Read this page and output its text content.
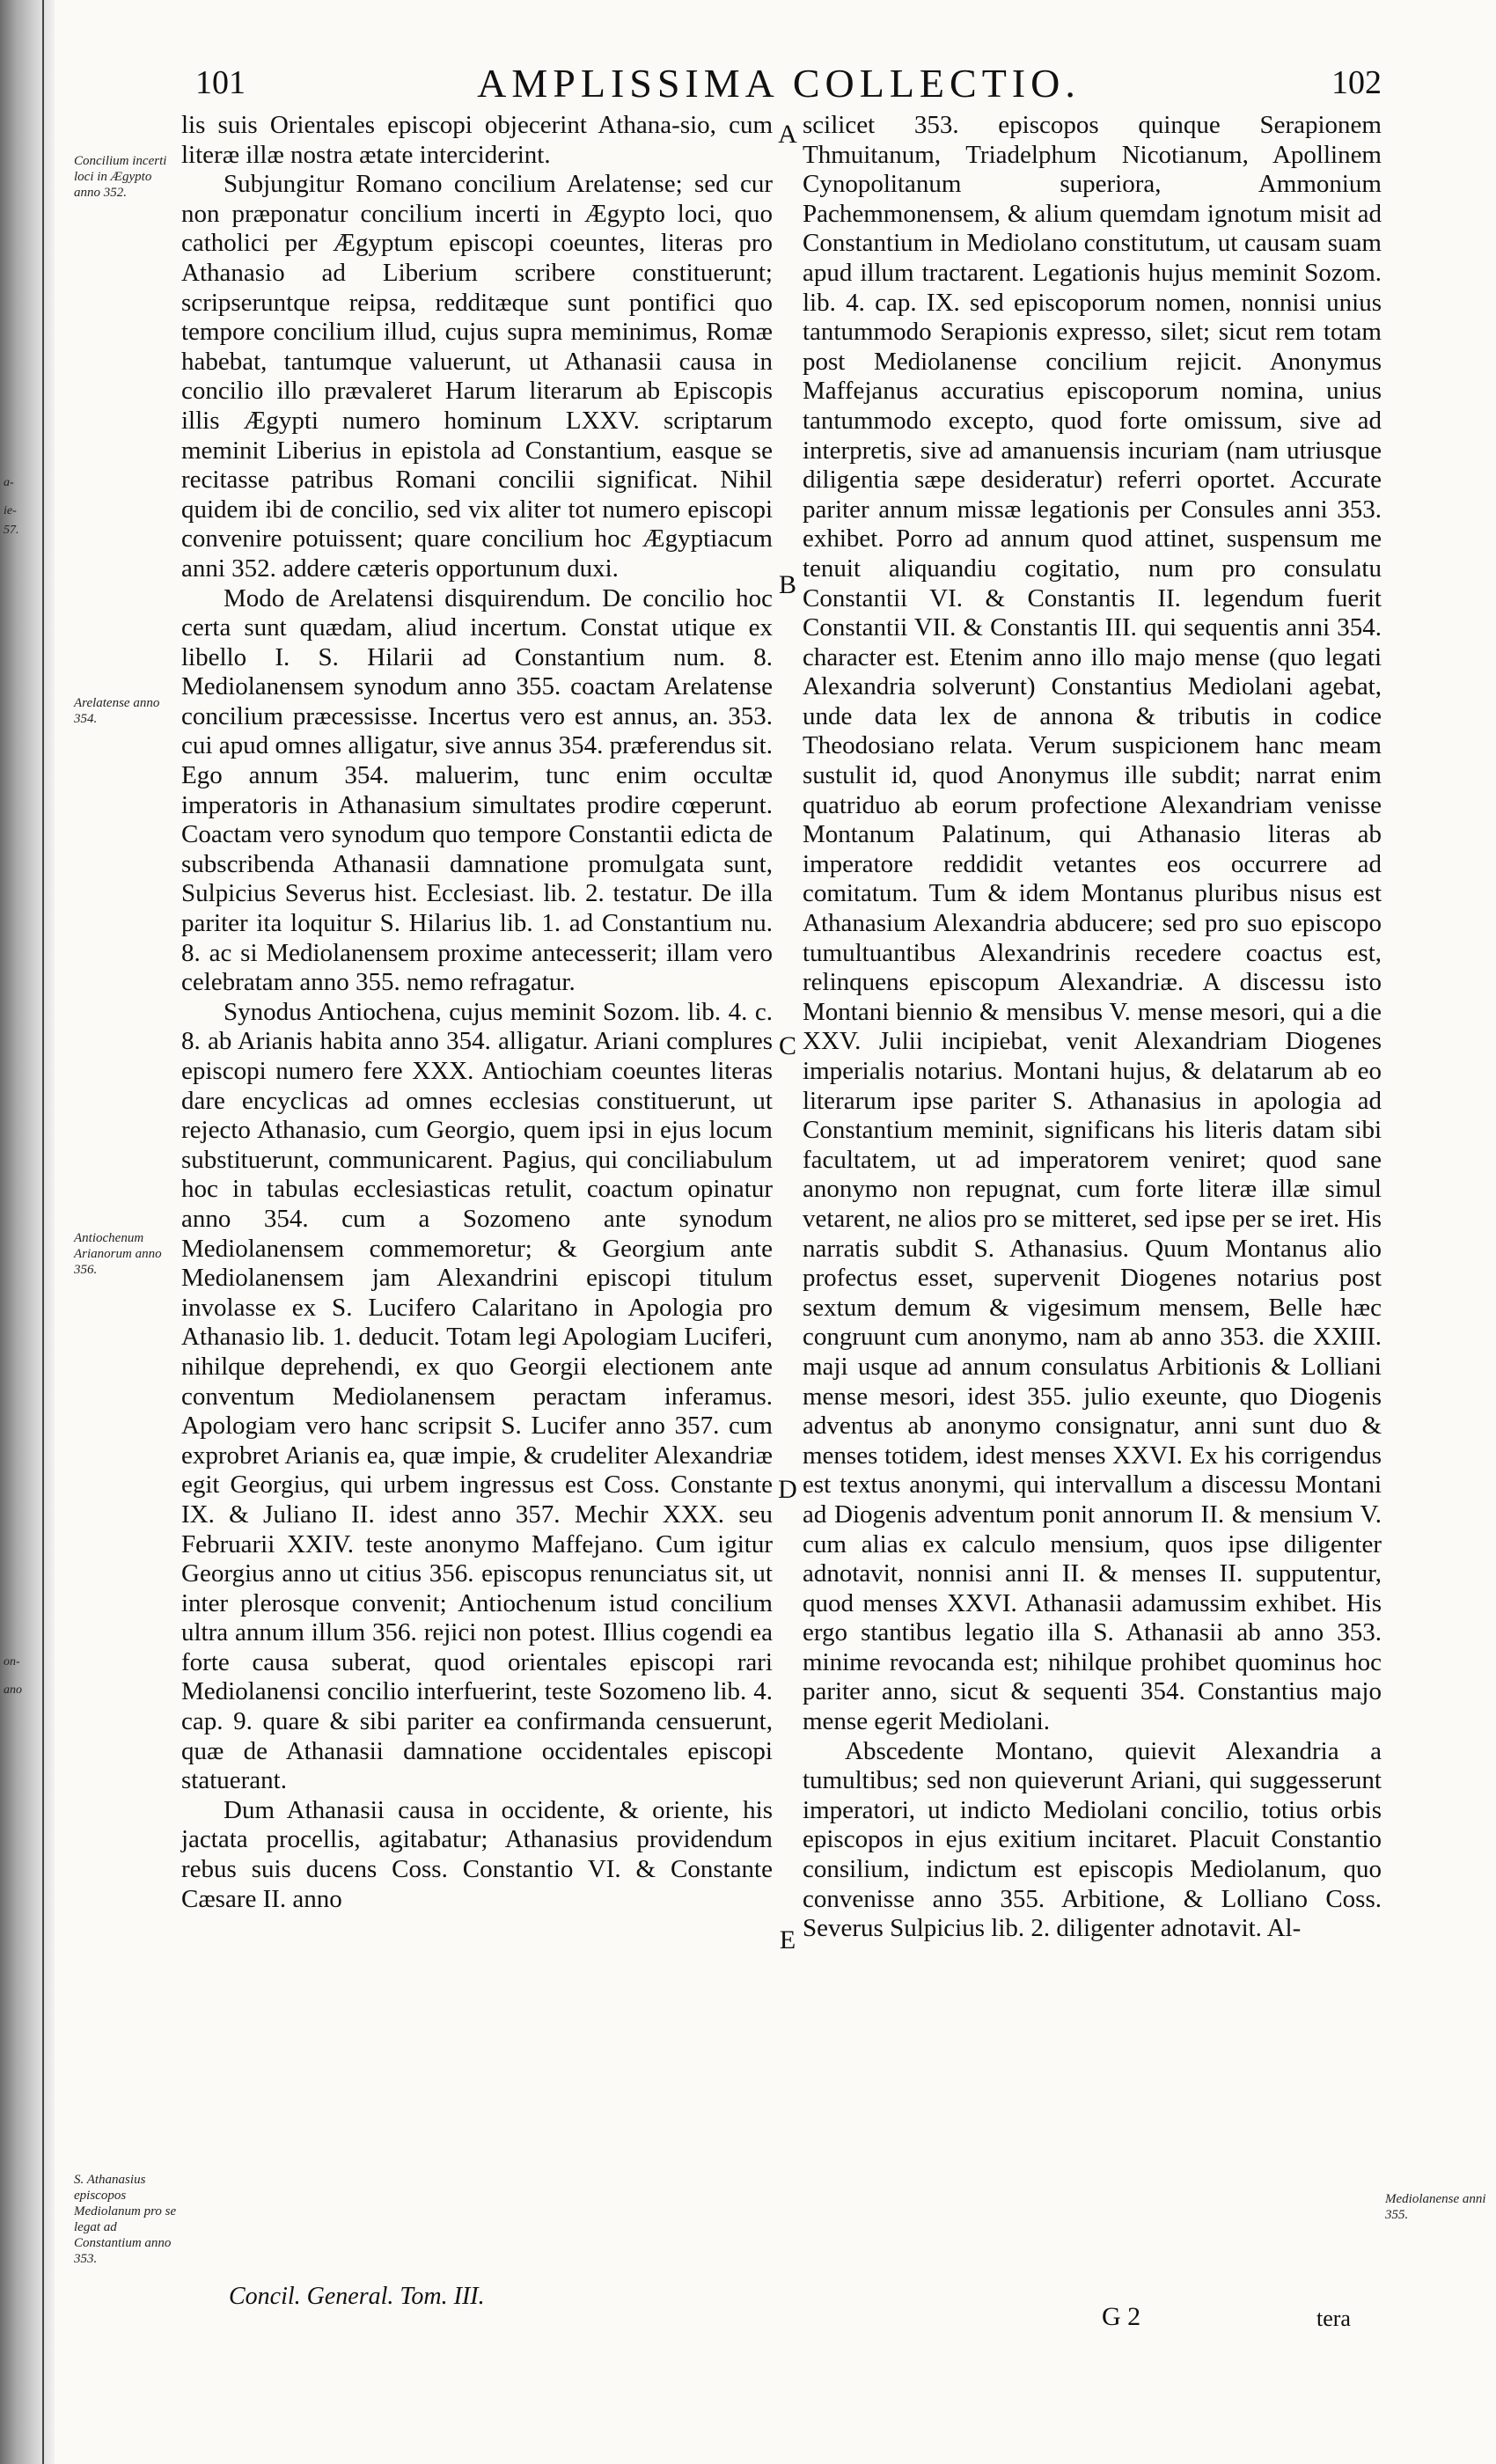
a-
ie-
57.
on-
ano
101	AMPLISSIMA COLLECTIO.	102
Concilium incerti loci in Ægypto anno 352.
Arelatense anno 354.
Antiochenum Arianorum anno 356.
S. Athanasius episcopos Mediolanum pro se legat ad Constantium anno 353.
Mediolanense anni 355.

lis suis Orientales episcopi objecerint Athana-sio, cum literæ illæ nostra ætate interciderint.

Subjungitur Romano concilium Arelatense; sed cur non præponatur concilium incerti in Ægypto loci, quo catholici per Ægyptum episcopi coeuntes, literas pro Athanasio ad Liberium scribere constituerunt; scripseruntque reipsa, redditæque sunt pontifici quo tempore concilium illud, cujus supra meminimus, Romæ habebat, tantumque valuerunt, ut Athanasii causa in concilio illo prævaleret Harum literarum ab Episcopis illis Ægypti numero hominum LXXV. scriptarum meminit Liberius in epistola ad Constantium, easque se recitasse patribus Romani concilii significat. Nihil quidem ibi de concilio, sed vix aliter tot numero episcopi convenire potuissent; quare concilium hoc Ægyptiacum anni 352. addere cæteris opportunum duxi.

Modo de Arelatensi disquirendum. De concilio hoc certa sunt quædam, aliud incertum. Constat utique ex libello I. S. Hilarii ad Constantium num. 8. Mediolanensem synodum anno 355. coactam Arelatense concilium præcessisse. Incertus vero est annus, an. 353. cui apud omnes alligatur, sive annus 354. præferendus sit. Ego annum 354. maluerim, tunc enim occultæ imperatoris in Athanasium simultates prodire cœperunt. Coactam vero synodum quo tempore Constantii edicta de subscribenda Athanasii damnatione promulgata sunt, Sulpicius Severus hist. Ecclesiast. lib. 2. testatur. De illa pariter ita loquitur S. Hilarius lib. 1. ad Constantium nu. 8. ac si Mediolanensem proxime antecesserit; illam vero celebratam anno 355. nemo refragatur.

Synodus Antiochena, cujus meminit Sozom. lib. 4. c. 8. ab Arianis habita anno 354. alligatur. Ariani complures episcopi numero fere XXX. Antiochiam coeuntes literas dare encyclicas ad omnes ecclesias constituerunt, ut rejecto Athanasio, cum Georgio, quem ipsi in ejus locum substituerunt, communicarent. Pagius, qui conciliabulum hoc in tabulas ecclesiasticas retulit, coactum opinatur anno 354. cum a Sozomeno ante synodum Mediolanensem commemoretur; & Georgium ante Mediolanensem jam Alexandrini episcopi titulum involasse ex S. Lucifero Calaritano in Apologia pro Athanasio lib. 1. deducit. Totam legi Apologiam Luciferi, nihilque deprehendi, ex quo Georgii electionem ante conventum Mediolanensem peractam inferamus. Apologiam vero hanc scripsit S. Lucifer anno 357. cum exprobret Arianis ea, quæ impie, & crudeliter Alexandriæ egit Georgius, qui urbem ingressus est Coss. Constante IX. & Juliano II. idest anno 357. Mechir XXX. seu Februarii XXIV. teste anonymo Maffejano. Cum igitur Georgius anno ut citius 356. episcopus renunciatus sit, ut inter plerosque convenit; Antiochenum istud concilium ultra annum illum 356. rejici non potest. Illius cogendi ea forte causa suberat, quod orientales episcopi rari Mediolanensi concilio interfuerint, teste Sozomeno lib. 4. cap. 9. quare & sibi pariter ea confirmanda censuerunt, quæ de Athanasii damnatione occidentales episcopi statuerant.

Dum Athanasii causa in occidente, & oriente, his jactata procellis, agitabatur; Athanasius providendum rebus suis ducens Coss. Constantio VI. & Constante Cæsare II. anno

scilicet 353. episcopos quinque Serapionem Thmuitanum, Triadelphum Nicotianum, Apollinem Cynopolitanum superiora, Ammonium Pachemmonensem, & alium quemdam ignotum misit ad Constantium in Mediolano constitutum, ut causam suam apud illum tractarent. Legationis hujus meminit Sozom. lib. 4. cap. IX. sed episcoporum nomen, nonnisi unius tantummodo Serapionis expresso, silet; sicut rem totam post Mediolanense concilium rejicit. Anonymus Maffejanus accuratius episcoporum nomina, unius tantummodo excepto, quod forte omissum, sive ad interpretis, sive ad amanuensis incuriam (nam utriusque diligentia sæpe desideratur) referri oportet. Accurate pariter annum missæ legationis per Consules anni 353. exhibet. Porro ad annum quod attinet, suspensum me tenuit aliquandiu cogitatio, num pro consulatu Constantii VI. & Constantis II. legendum fuerit Constantii VII. & Constantis III. qui sequentis anni 354. character est. Etenim anno illo majo mense (quo legati Alexandria solverunt) Constantius Mediolani agebat, unde data lex de annona & tributis in codice Theodosiano relata. Verum suspicionem hanc meam sustulit id, quod Anonymus ille subdit; narrat enim quatriduo ab eorum profectione Alexandriam venisse Montanum Palatinum, qui Athanasio literas ab imperatore reddidit vetantes eos occurrere ad comitatum. Tum & idem Montanus pluribus nisus est Athanasium Alexandria abducere; sed pro suo episcopo tumultuantibus Alexandrinis recedere coactus est, relinquens episcopum Alexandriæ. A discessu isto Montani biennio & mensibus V. mense mesori, qui a die XXV. Julii incipiebat, venit Alexandriam Diogenes imperialis notarius. Montani hujus, & delatarum ab eo literarum ipse pariter S. Athanasius in apologia ad Constantium meminit, significans his literis datam sibi facultatem, ut ad imperatorem veniret; quod sane anonymo non repugnat, cum forte literæ illæ simul vetarent, ne alios pro se mitteret, sed ipse per se iret. His narratis subdit S. Athanasius. Quum Montanus alio profectus esset, supervenit Diogenes notarius post sextum demum & vigesimum mensem, Belle hæc congruunt cum anonymo, nam ab anno 353. die XXIII. maji usque ad annum consulatus Arbitionis & Lolliani mense mesori, idest 355. julio exeunte, quo Diogenis adventus ab anonymo consignatur, anni sunt duo & menses totidem, idest menses XXVI. Ex his corrigendus est textus anonymi, qui intervallum a discessu Montani ad Diogenis adventum ponit annorum II. & mensium V. cum alias ex calculo mensium, quos ipse diligenter adnotavit, nonnisi anni II. & menses II. supputentur, quod menses XXVI. Athanasii adamussim exhibet. His ergo stantibus legatio illa S. Athanasii ab anno 353. minime revocanda est; nihilque prohibet quominus hoc pariter anno, sicut & sequenti 354. Constantius majo mense egerit Mediolani.

Abscedente Montano, quievit Alexandria a tumultibus; sed non quieverunt Ariani, qui suggesserunt imperatori, ut indicto Mediolani concilio, totius orbis episcopos in ejus exitium incitaret. Placuit Constantio consilium, indictum est episcopis Mediolanum, quo convenisse anno 355. Arbitione, & Lolliano Coss. Severus Sulpicius lib. 2. diligenter adnotavit. Al-

A
B
C
D
E
Concil. General. Tom. III.
G 2	tera
